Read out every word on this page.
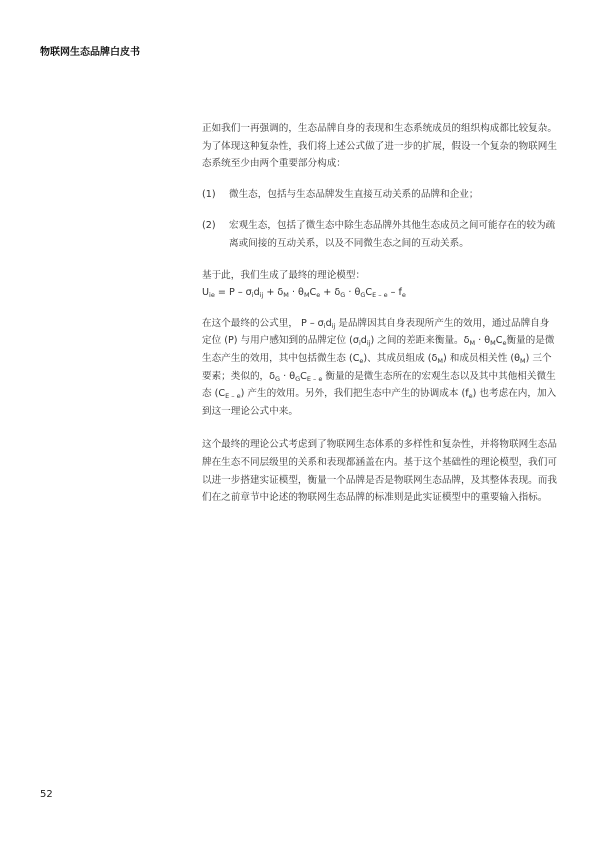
物联网生态品牌白皮书

正如我们一再强调的，生态品牌自身的表现和生态系统成员的组织构成都比较复杂。为了体现这种复杂性，我们将上述公式做了进一步的扩展，假设一个复杂的物联网生态系统至少由两个重要部分构成：

(1) 微生态，包括与生态品牌发生直接互动关系的品牌和企业；

(2) 宏观生态，包括了微生态中除生态品牌外其他生态成员之间可能存在的较为疏离或间接的互动关系，以及不同微生态之间的互动关系。

基于此，我们生成了最终的理论模型：

$U_{ie} = P - \sigma_id_{ij} + \delta_M \cdot \theta_MC_e + \delta_G \cdot \theta_GC_{E - e} - f_e$

在这个最终的公式里， P – $\sigma_id_{ij}$ 是品牌因其自身表现所产生的效用，通过品牌自身定位 (P) 与用户感知到的品牌定位 $(\sigma_id_{ij})$ 之间的差距来衡量。$\delta_M \cdot \theta_MC_e$衡量的是微生态产生的效用，其中包括微生态 $(C_e)$、其成员组成 $(\delta_M)$ 和成员相关性 $(\theta_M)$ 三个要素；类似的，$\delta_G \cdot \theta_GC_{E - e}$ 衡量的是微生态所在的宏观生态以及其中其他相关微生态 $(C_{E - e})$ 产生的效用。另外，我们把生态中产生的协调成本 $(f_e)$ 也考虑在内，加入到这一理论公式中来。

这个最终的理论公式考虑到了物联网生态体系的多样性和复杂性，并将物联网生态品牌在生态不同层级里的关系和表现都涵盖在内。基于这个基础性的理论模型，我们可以进一步搭建实证模型，衡量一个品牌是否是物联网生态品牌，及其整体表现。而我们在之前章节中论述的物联网生态品牌的标准则是此实证模型中的重要输入指标。

52
